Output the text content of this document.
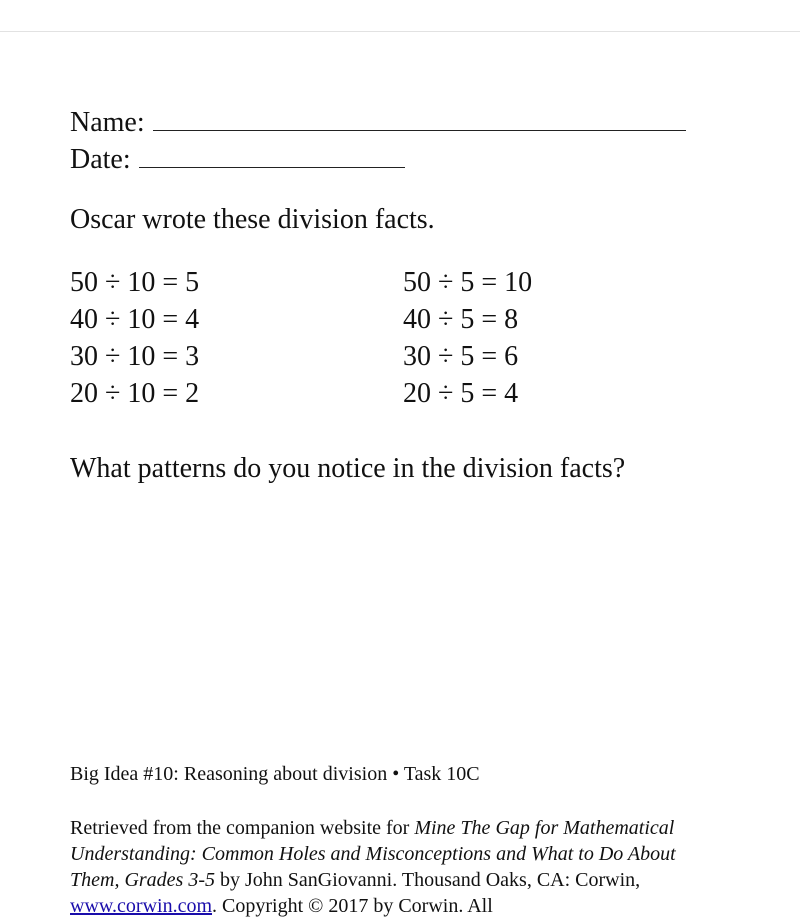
Name:
Date:
Oscar wrote these division facts.
50 ÷ 10 = 5
40 ÷ 10 = 4
30 ÷ 10 = 3
20 ÷ 10 = 2
50 ÷ 5 = 10
40 ÷ 5 = 8
30 ÷ 5 = 6
20 ÷ 5 = 4
What patterns do you notice in the division facts?
Big Idea #10: Reasoning about division • Task 10C
Retrieved from the companion website for Mine The Gap for Mathematical Understanding: Common Holes and Misconceptions and What to Do About Them, Grades 3-5 by John SanGiovanni. Thousand Oaks, CA: Corwin, www.corwin.com. Copyright © 2017 by Corwin. All
